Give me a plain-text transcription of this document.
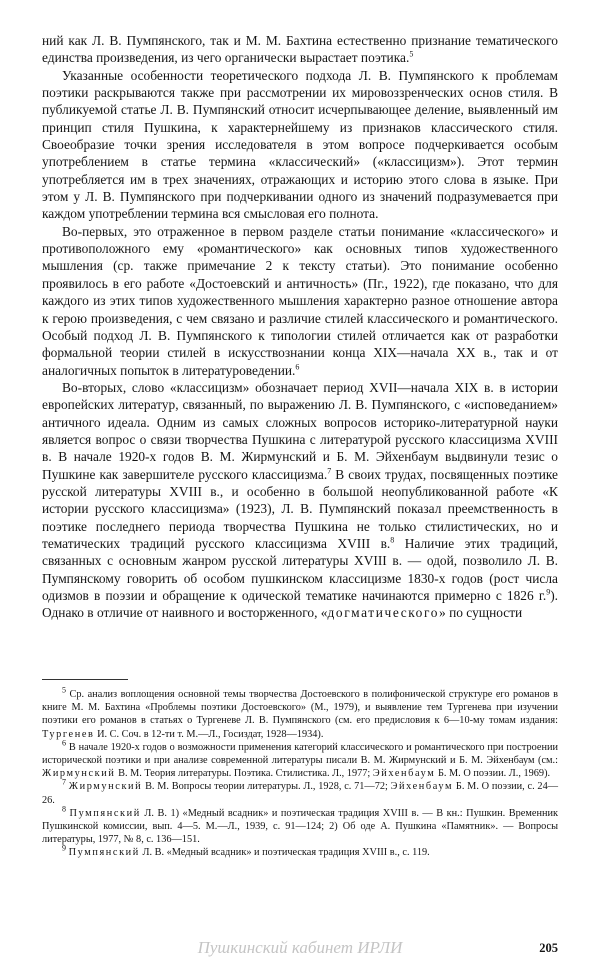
ний как Л. В. Пумпянского, так и М. М. Бахтина естественно признание тематического единства произведения, из чего органически вырастает поэтика.$^5$

Указанные особенности теоретического подхода Л. В. Пумпянского к проблемам поэтики раскрываются также при рассмотрении их мировоззренческих основ стиля. В публикуемой статье Л. В. Пумпянский относит исчерпывающее деление, выявленный им принцип стиля Пушкина, к характернейшему из признаков классического стиля. Своеобразие точки зрения исследователя в этом вопросе подчеркивается особым употреблением в статье термина «классический» («классицизм»). Этот термин употребляется им в трех значениях, отражающих и историю этого слова в языке. При этом у Л. В. Пумпянского при подчеркивании одного из значений подразумевается при каждом употреблении термина вся смысловая его полнота.

Во-первых, это отраженное в первом разделе статьи понимание «классического» и противоположного ему «романтического» как основных типов художественного мышления (ср. также примечание 2 к тексту статьи). Это понимание особенно проявилось в его работе «Достоевский и античность» (Пг., 1922), где показано, что для каждого из этих типов художественного мышления характерно разное отношение автора к герою произведения, с чем связано и различие стилей классического и романтического. Особый подход Л. В. Пумпянского к типологии стилей отличается как от разработки формальной теории стилей в искусствознании конца XIX—начала XX в., так и от аналогичных попыток в литературоведении.$^6$

Во-вторых, слово «классицизм» обозначает период XVII—начала XIX в. в истории европейских литератур, связанный, по выражению Л. В. Пумпянского, с «исповеданием» античного идеала. Одним из самых сложных вопросов историко-литературной науки является вопрос о связи творчества Пушкина с литературой русского классицизма XVIII в. В начале 1920-х годов В. М. Жирмунский и Б. М. Эйхенбаум выдвинули тезис о Пушкине как завершителе русского классицизма.$^7$ В своих трудах, посвященных поэтике русской литературы XVIII в., и особенно в большой неопубликованной работе «К истории русского классицизма» (1923), Л. В. Пумпянский показал преемственность в поэтике последнего периода творчества Пушкина не только стилистических, но и тематических традиций русского классицизма XVIII в.$^8$ Наличие этих традиций, связанных с основным жанром русской литературы XVIII в. — одой, позволило Л. В. Пумпянскому говорить об особом пушкинском классицизме 1830-х годов (рост числа одизмов в поэзии и обращение к одической тематике начинаются примерно с 1826 г.$^9$). Однако в отличие от наивного и восторженного, «догматического» по сущности

$^5$ Ср. анализ воплощения основной темы творчества Достоевского в полифонической структуре его романов в книге М. М. Бахтина «Проблемы поэтики Достоевского» (М., 1979), и выявление тем Тургенева при изучении поэтики его романов в статьях о Тургеневе Л. В. Пумпянского (см. его предисловия к 6—10-му томам издания: Тургенев И. С. Соч. в 12-ти т. М.—Л., Госиздат, 1928—1934).

$^6$ В начале 1920-х годов о возможности применения категорий классического и романтического при построении исторической поэтики и при анализе современной литературы писали В. М. Жирмунский и Б. М. Эйхенбаум (см.: Жирмунский В. М. Теория литературы. Поэтика. Стилистика. Л., 1977; Эйхенбаум Б. М. О поэзии. Л., 1969).

$^7$ Жирмунский В. М. Вопросы теории литературы. Л., 1928, с. 71—72; Эйхенбаум Б. М. О поэзии, с. 24—26.

$^8$ Пумпянский Л. В. 1) «Медный всадник» и поэтическая традиция XVIII в. — В кн.: Пушкин. Временник Пушкинской комиссии, вып. 4—5. М.—Л., 1939, с. 91—124; 2) Об оде А. Пушкина «Памятник». — Вопросы литературы, 1977, № 8, с. 136—151.

$^9$ Пумпянский Л. В. «Медный всадник» и поэтическая традиция XVIII в., с. 119.

Пушкинский кабинет ИРЛИ	205
